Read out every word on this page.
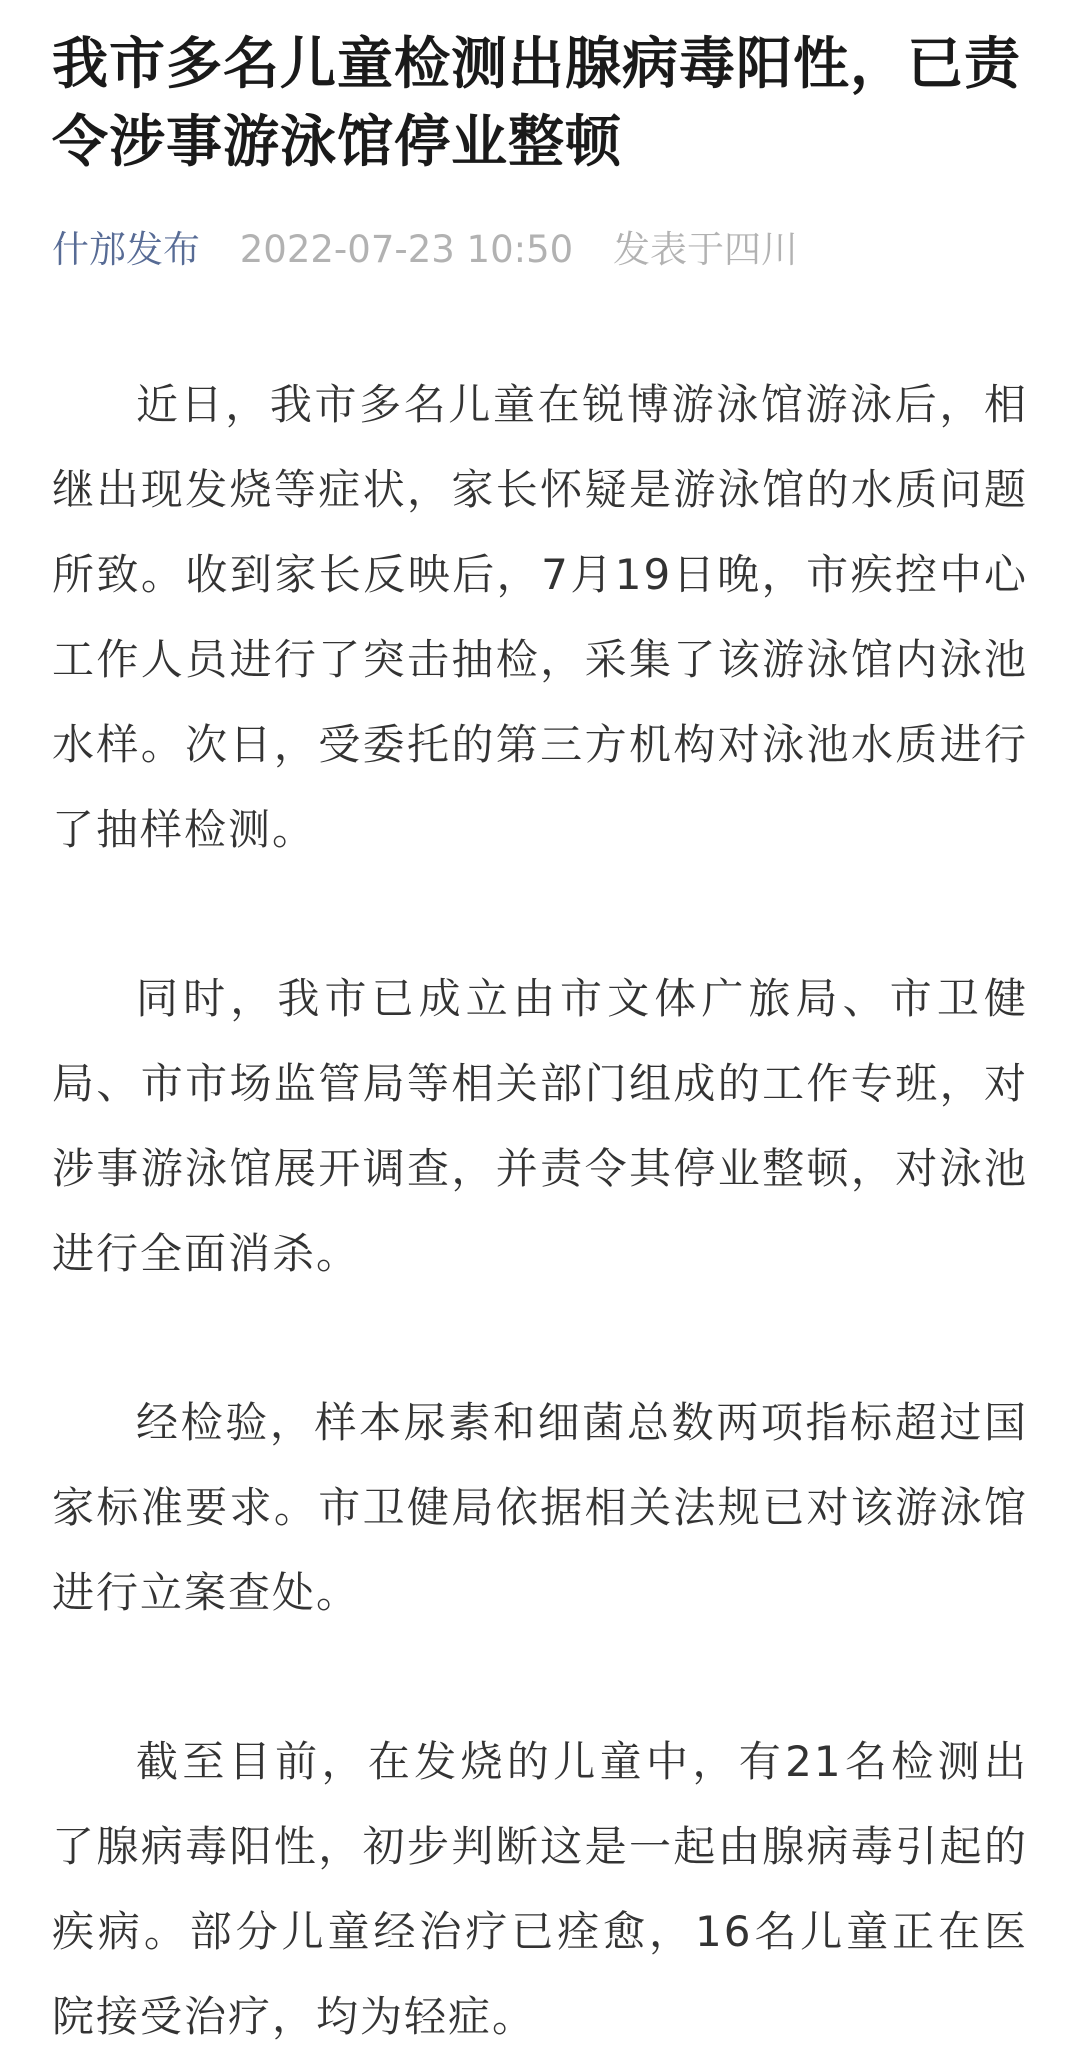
我市多名儿童检测出腺病毒阳性，已责令涉事游泳馆停业整顿
什邡发布 2022-07-23 10:50 发表于四川

近日，我市多名儿童在锐博游泳馆游泳后，相继出现发烧等症状，家长怀疑是游泳馆的水质问题所致。收到家长反映后，7月19日晚，市疾控中心工作人员进行了突击抽检，采集了该游泳馆内泳池水样。次日，受委托的第三方机构对泳池水质进行了抽样检测。

同时，我市已成立由市文体广旅局、市卫健局、市市场监管局等相关部门组成的工作专班，对涉事游泳馆展开调查，并责令其停业整顿，对泳池进行全面消杀。

经检验，样本尿素和细菌总数两项指标超过国家标准要求。市卫健局依据相关法规已对该游泳馆进行立案查处。

截至目前，在发烧的儿童中，有21名检测出了腺病毒阳性，初步判断这是一起由腺病毒引起的疾病。部分儿童经治疗已痊愈，16名儿童正在医院接受治疗，均为轻症。
